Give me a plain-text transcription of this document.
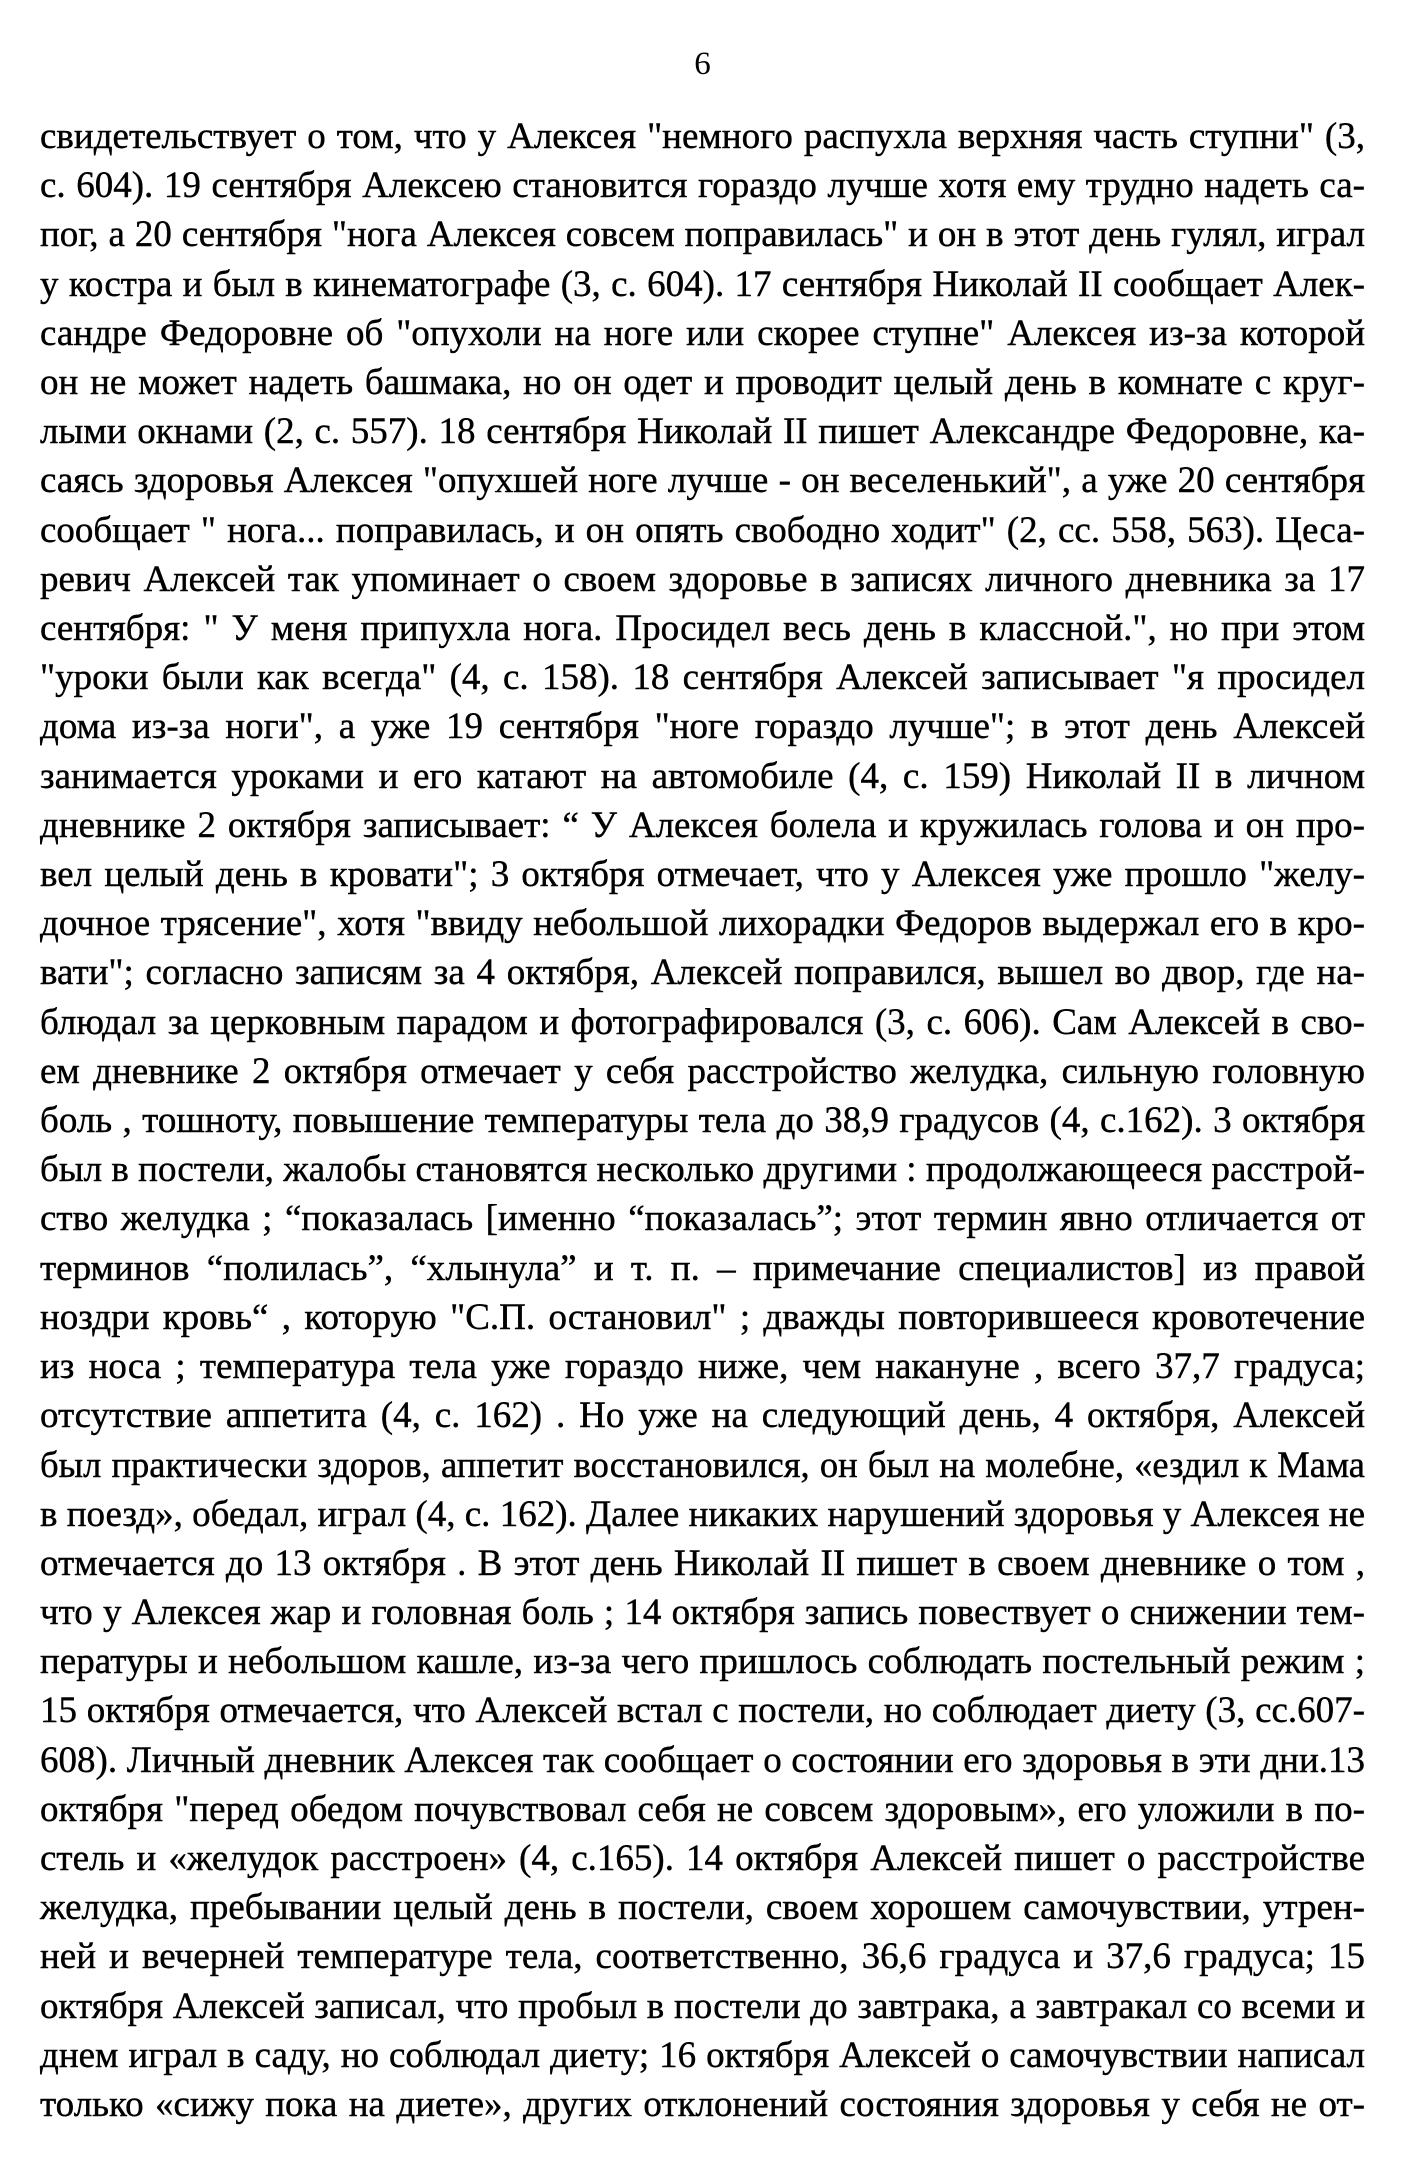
6
свидетельствует о том, что у Алексея "немного распухла верхняя часть ступни" (3,
с. 604). 19 сентября Алексею становится гораздо лучше хотя ему трудно надеть са-
пог, а 20 сентября "нога Алексея совсем поправилась" и он в этот день гулял, играл
у костра и был в кинематографе (3, с. 604). 17 сентября Николай II сообщает Алек-
сандре Федоровне об "опухоли на ноге или скорее ступне" Алексея из-за которой
он не может надеть башмака, но он одет и проводит целый день в комнате с круг-
лыми окнами (2, с. 557). 18 сентября Николай II пишет Александре Федоровне, ка-
саясь здоровья Алексея "опухшей ноге лучше - он веселенький", а уже 20 сентября
сообщает " нога... поправилась, и он опять свободно ходит" (2, сс. 558, 563). Цеса-
ревич Алексей так упоминает о своем здоровье в записях личного дневника за 17
сентября: " У меня припухла нога. Просидел весь день в классной.", но при этом
"уроки были как всегда" (4, с. 158). 18 сентября Алексей записывает "я просидел
дома из-за ноги", а уже 19 сентября "ноге гораздо лучше"; в этот день Алексей
занимается уроками и его катают на автомобиле (4, с. 159) Николай II в личном
дневнике 2 октября записывает: “ У Алексея болела и кружилась голова и он про-
вел целый день в кровати"; 3 октября отмечает, что у Алексея уже прошло "желу-
дочное трясение", хотя "ввиду небольшой лихорадки Федоров выдержал его в кро-
вати"; согласно записям за 4 октября, Алексей поправился, вышел во двор, где на-
блюдал за церковным парадом и фотографировался (3, с. 606). Сам Алексей в сво-
ем дневнике 2 октября отмечает у себя расстройство желудка, сильную головную
боль , тошноту, повышение температуры тела до 38,9 градусов (4, с.162). 3 октября
был в постели, жалобы становятся несколько другими : продолжающееся расстрой-
ство желудка ; “показалась [именно “показалась”; этот термин явно отличается от
терминов “полилась”, “хлынула” и т. п. – примечание специалистов] из правой
ноздри кровь“ , которую "С.П. остановил" ; дважды повторившееся кровотечение
из носа ; температура тела уже гораздо ниже, чем накануне , всего 37,7 градуса;
отсутствие аппетита (4, с. 162) . Но уже на следующий день, 4 октября, Алексей
был практически здоров, аппетит восстановился, он был на молебне, «ездил к Мама
в поезд», обедал, играл (4, с. 162). Далее никаких нарушений здоровья у Алексея не
отмечается до 13 октября . В этот день Николай II пишет в своем дневнике о том ,
что у Алексея жар и головная боль ; 14 октября запись повествует о снижении тем-
пературы и небольшом кашле, из-за чего пришлось соблюдать постельный режим ;
15 октября отмечается, что Алексей встал с постели, но соблюдает диету (3, сс.607-
608). Личный дневник Алексея так сообщает о состоянии его здоровья в эти дни.13
октября "перед обедом почувствовал себя не совсем здоровым», его уложили в по-
стель и «желудок расстроен» (4, с.165). 14 октября Алексей пишет о расстройстве
желудка, пребывании целый день в постели, своем хорошем самочувствии, утрен-
ней и вечерней температуре тела, соответственно, 36,6 градуса и 37,6 градуса; 15
октября Алексей записал, что пробыл в постели до завтрака, а завтракал со всеми и
днем играл в саду, но соблюдал диету; 16 октября Алексей о самочувствии написал
только «сижу пока на диете», других отклонений состояния здоровья у себя не от-
